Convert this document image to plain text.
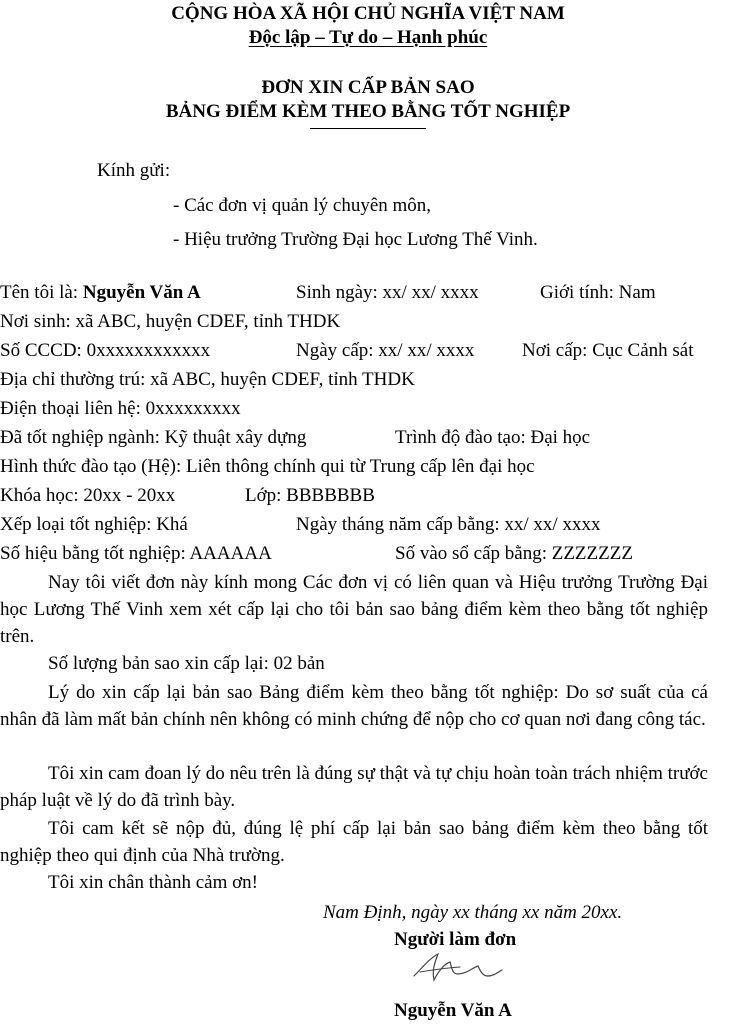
CỘNG HÒA XÃ HỘI CHỦ NGHĨA VIỆT NAM
Độc lập – Tự do – Hạnh phúc
ĐƠN XIN CẤP BẢN SAO
BẢNG ĐIỂM KÈM THEO BẰNG TỐT NGHIỆP
Kính gửi:
- Các đơn vị quản lý chuyên môn,
- Hiệu trưởng Trường Đại học Lương Thế Vinh.
Tên tôi là: Nguyễn Văn A	Sinh ngày: xx/ xx/ xxxx	Giới tính: Nam
Nơi sinh: xã ABC, huyện CDEF, tỉnh THDK
Số CCCD: 0xxxxxxxxxxxx	Ngày cấp: xx/ xx/ xxxx	Nơi cấp: Cục Cảnh sát
Địa chỉ thường trú: xã ABC, huyện CDEF, tỉnh THDK
Điện thoại liên hệ: 0xxxxxxxxx
Đã tốt nghiệp ngành: Kỹ thuật xây dựng	Trình độ đào tạo: Đại học
Hình thức đào tạo (Hệ): Liên thông chính qui từ Trung cấp lên đại học
Khóa học: 20xx - 20xx	Lớp: BBBBBBB
Xếp loại tốt nghiệp: Khá	Ngày tháng năm cấp bằng: xx/ xx/ xxxx
Số hiệu bằng tốt nghiệp: AAAAAA	Số vào sổ cấp bằng: ZZZZZZZ
Nay tôi viết đơn này kính mong Các đơn vị có liên quan và Hiệu trưởng Trường Đại học Lương Thế Vinh xem xét cấp lại cho tôi bản sao bảng điểm kèm theo bằng tốt nghiệp trên.
Số lượng bản sao xin cấp lại: 02 bản
Lý do xin cấp lại bản sao Bảng điểm kèm theo bằng tốt nghiệp: Do sơ suất của cá nhân đã làm mất bản chính nên không có minh chứng để nộp cho cơ quan nơi đang công tác.
Tôi xin cam đoan lý do nêu trên là đúng sự thật và tự chịu hoàn toàn trách nhiệm trước pháp luật về lý do đã trình bày.
Tôi cam kết sẽ nộp đủ, đúng lệ phí cấp lại bản sao bảng điểm kèm theo bằng tốt nghiệp theo qui định của Nhà trường.
Tôi xin chân thành cảm ơn!
Nam Định, ngày xx tháng xx năm 20xx.
Người làm đơn
Nguyễn Văn A
